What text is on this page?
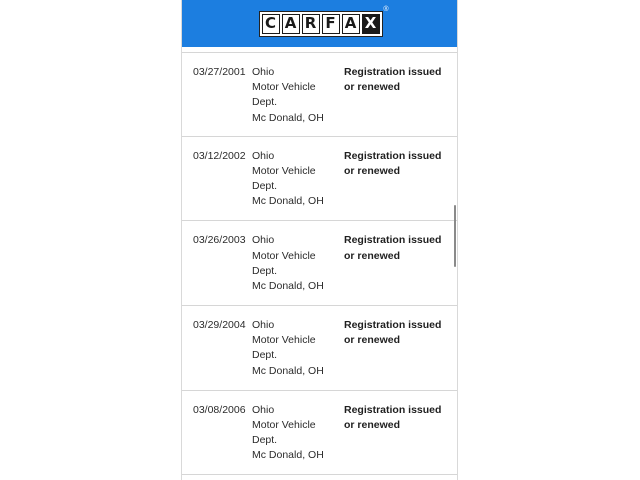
C A R F A X
®
03/27/2001 Ohio
Motor Vehicle
Dept.
Mc Donald, OH
Registration issued or renewed
03/12/2002 Ohio
Motor Vehicle
Dept.
Mc Donald, OH
Registration issued or renewed
03/26/2003 Ohio
Motor Vehicle
Dept.
Mc Donald, OH
Registration issued or renewed
03/29/2004 Ohio
Motor Vehicle
Dept.
Mc Donald, OH
Registration issued or renewed
03/08/2006 Ohio
Motor Vehicle
Dept.
Mc Donald, OH
Registration issued or renewed
